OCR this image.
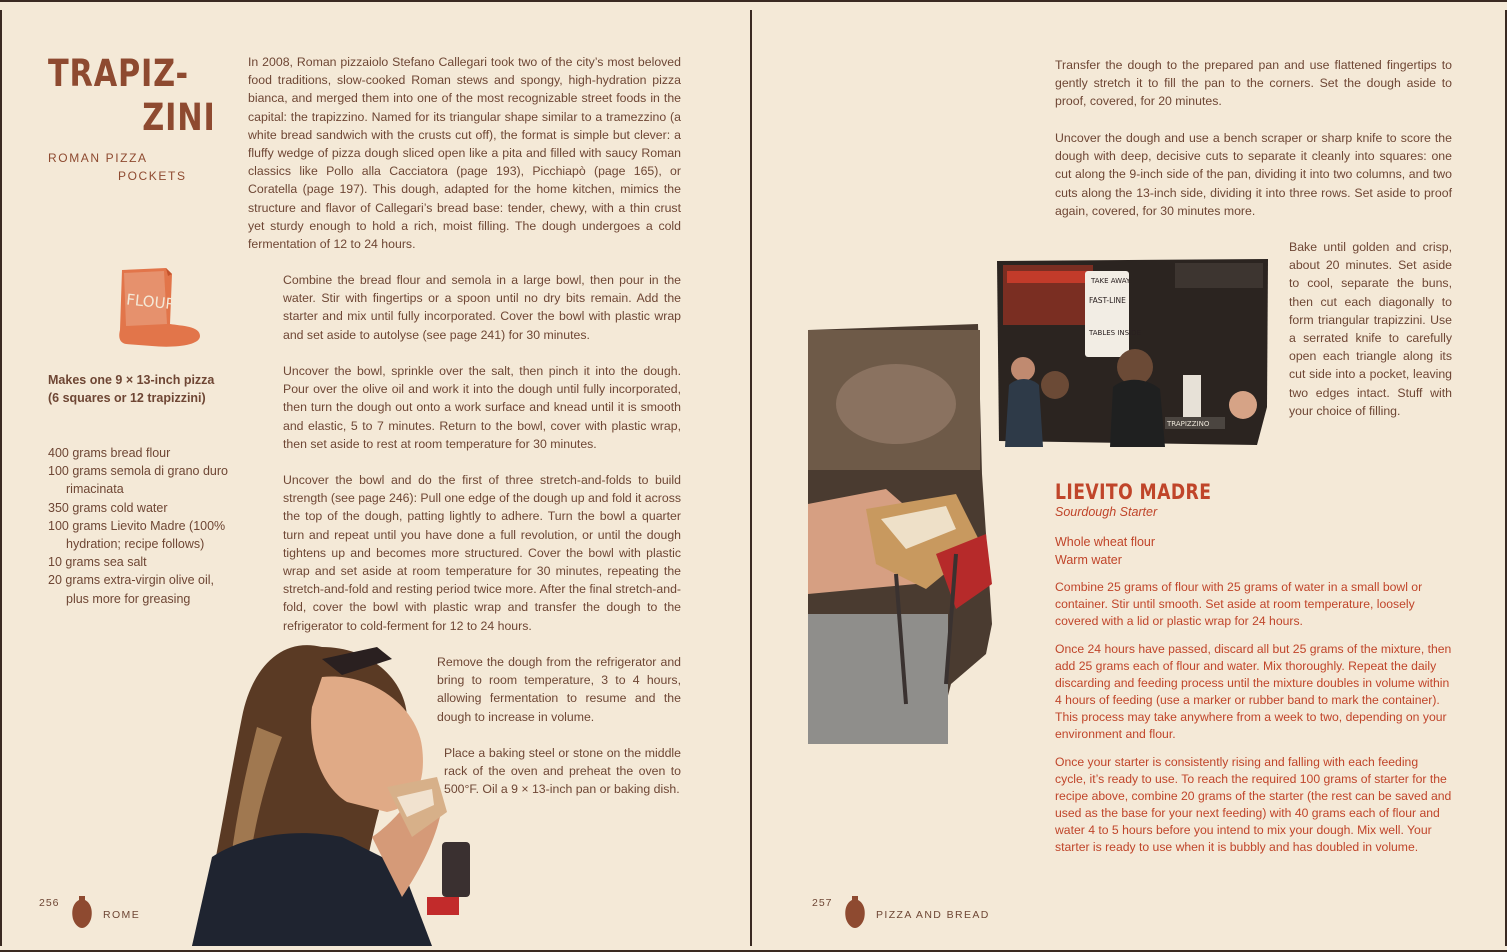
TRAPIZ-
ZINI
ROMAN PIZZA
POCKETS
FLOUR
Makes one 9 × 13-inch pizza
(6 squares or 12 trapizzini)
400 grams bread flour
100 grams semola di grano duro rimacinata
350 grams cold water
100 grams Lievito Madre (100% hydration; recipe follows)
10 grams sea salt
20 grams extra-virgin olive oil, plus more for greasing

In 2008, Roman pizzaiolo Stefano Callegari took two of the city’s most beloved food traditions, slow-cooked Roman stews and spongy, high-hydration pizza bianca, and merged them into one of the most recognizable street foods in the capital: the trapizzino. Named for its triangular shape similar to a tramezzino (a white bread sandwich with the crusts cut off), the format is simple but clever: a fluffy wedge of pizza dough sliced open like a pita and filled with saucy Roman classics like Pollo alla Cacciatora (page 193), Picchiapò (page 165), or Coratella (page 197). This dough, adapted for the home kitchen, mimics the structure and flavor of Callegari’s bread base: tender, chewy, with a thin crust yet sturdy enough to hold a rich, moist filling. The dough undergoes a cold fermentation of 12 to 24 hours.

Combine the bread flour and semola in a large bowl, then pour in the water. Stir with fingertips or a spoon until no dry bits remain. Add the starter and mix until fully incorporated. Cover the bowl with plastic wrap and set aside to autolyse (see page 241) for 30 minutes.

Uncover the bowl, sprinkle over the salt, then pinch it into the dough. Pour over the olive oil and work it into the dough until fully incorporated, then turn the dough out onto a work surface and knead until it is smooth and elastic, 5 to 7 minutes. Return to the bowl, cover with plastic wrap, then set aside to rest at room temperature for 30 minutes.

Uncover the bowl and do the first of three stretch-and-folds to build strength (see page 246): Pull one edge of the dough up and fold it across the top of the dough, patting lightly to adhere. Turn the bowl a quarter turn and repeat until you have done a full revolution, or until the dough tightens up and becomes more structured. Cover the bowl with plastic wrap and set aside at room temperature for 30 minutes, repeating the stretch-and-fold and resting period twice more. After the final stretch-and-fold, cover the bowl with plastic wrap and transfer the dough to the refrigerator to cold-ferment for 12 to 24 hours.

Remove the dough from the refrigerator and bring to room temperature, 3 to 4 hours, allowing fermentation to resume and the dough to increase in volume.

Place a baking steel or stone on the middle rack of the oven and preheat the oven to 500°F. Oil a 9 × 13-inch pan or baking dish.

256
ROME

Transfer the dough to the prepared pan and use flattened fingertips to gently stretch it to fill the pan to the corners. Set the dough aside to proof, covered, for 20 minutes.

Uncover the dough and use a bench scraper or sharp knife to score the dough with deep, decisive cuts to separate it cleanly into squares: one cut along the 9-inch side of the pan, dividing it into two columns, and two cuts along the 13-inch side, dividing it into three rows. Set aside to proof again, covered, for 30 minutes more.

Bake until golden and crisp, about 20 minutes. Set aside to cool, separate the buns, then cut each diagonally to form triangular trapizzini. Use a serrated knife to carefully open each triangle along its cut side into a pocket, leaving two edges intact. Stuff with your choice of filling.

TAKE AWAY
FAST-LINE
TABLES INSIDE
TRAPIZZINO
LIEVITO MADRE
Sourdough Starter
Whole wheat flour
Warm water

Combine 25 grams of flour with 25 grams of water in a small bowl or container. Stir until smooth. Set aside at room temperature, loosely covered with a lid or plastic wrap for 24 hours.

Once 24 hours have passed, discard all but 25 grams of the mixture, then add 25 grams each of flour and water. Mix thoroughly. Repeat the daily discarding and feeding process until the mixture doubles in volume within 4 hours of feeding (use a marker or rubber band to mark the container). This process may take anywhere from a week to two, depending on your environment and flour.

Once your starter is consistently rising and falling with each feeding cycle, it’s ready to use. To reach the required 100 grams of starter for the recipe above, combine 20 grams of the starter (the rest can be saved and used as the base for your next feeding) with 40 grams each of flour and water 4 to 5 hours before you intend to mix your dough. Mix well. Your starter is ready to use when it is bubbly and has doubled in volume.

257
PIZZA AND BREAD
